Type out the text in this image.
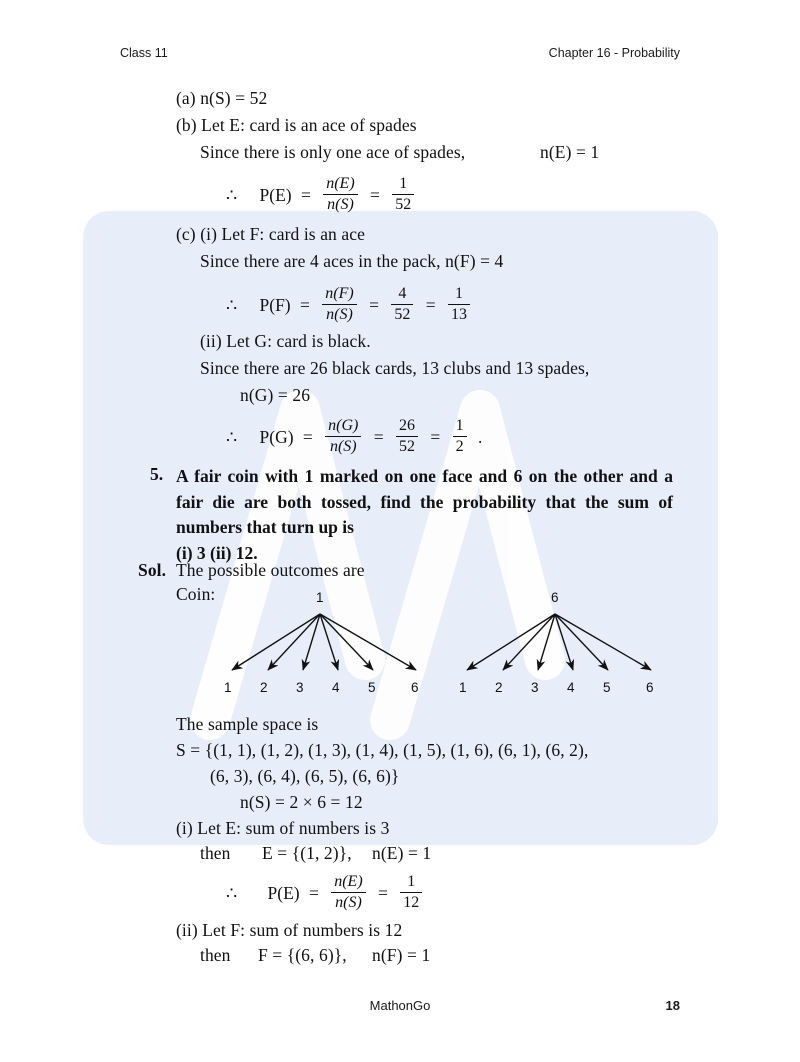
Class 11	Chapter 16 - Probability
(a) n(S) = 52
(b) Let E: card is an ace of spades
Since there is only one ace of spades,	n(E) = 1
∴ $P(E) = \frac{n(E)}{n(S)} = \frac{1}{52}$
(c) (i) Let F: card is an ace
Since there are 4 aces in the pack, n(F) = 4
∴ $P(F) = \frac{n(F)}{n(S)} = \frac{4}{52} = \frac{1}{13}$
(ii) Let G: card is black.
Since there are 26 black cards, 13 clubs and 13 spades,
n(G) = 26
∴ $P(G) = \frac{n(G)}{n(S)} = \frac{26}{52} = \frac{1}{2}$ .
5. A fair coin with 1 marked on one face and 6 on the other and a fair die are both tossed, find the probability that the sum of numbers that turn up is
(i) 3 (ii) 12.
Sol. The possible outcomes are
Coin:	1	6
1 2 3 4 5	6	1 2 3 4 5	6
The sample space is
S = {(1, 1), (1, 2), (1, 3), (1, 4), (1, 5), (1, 6), (6, 1), (6, 2),
(6, 3), (6, 4), (6, 5), (6, 6)}
n(S) = 2 × 6 = 12
(i) Let E: sum of numbers is 3
then E = {(1, 2)}, n(E) = 1
∴ $P(E) = \frac{n(E)}{n(S)} = \frac{1}{12}$
(ii) Let F: sum of numbers is 12
then F = {(6, 6)}, n(F) = 1
MathonGo	18
